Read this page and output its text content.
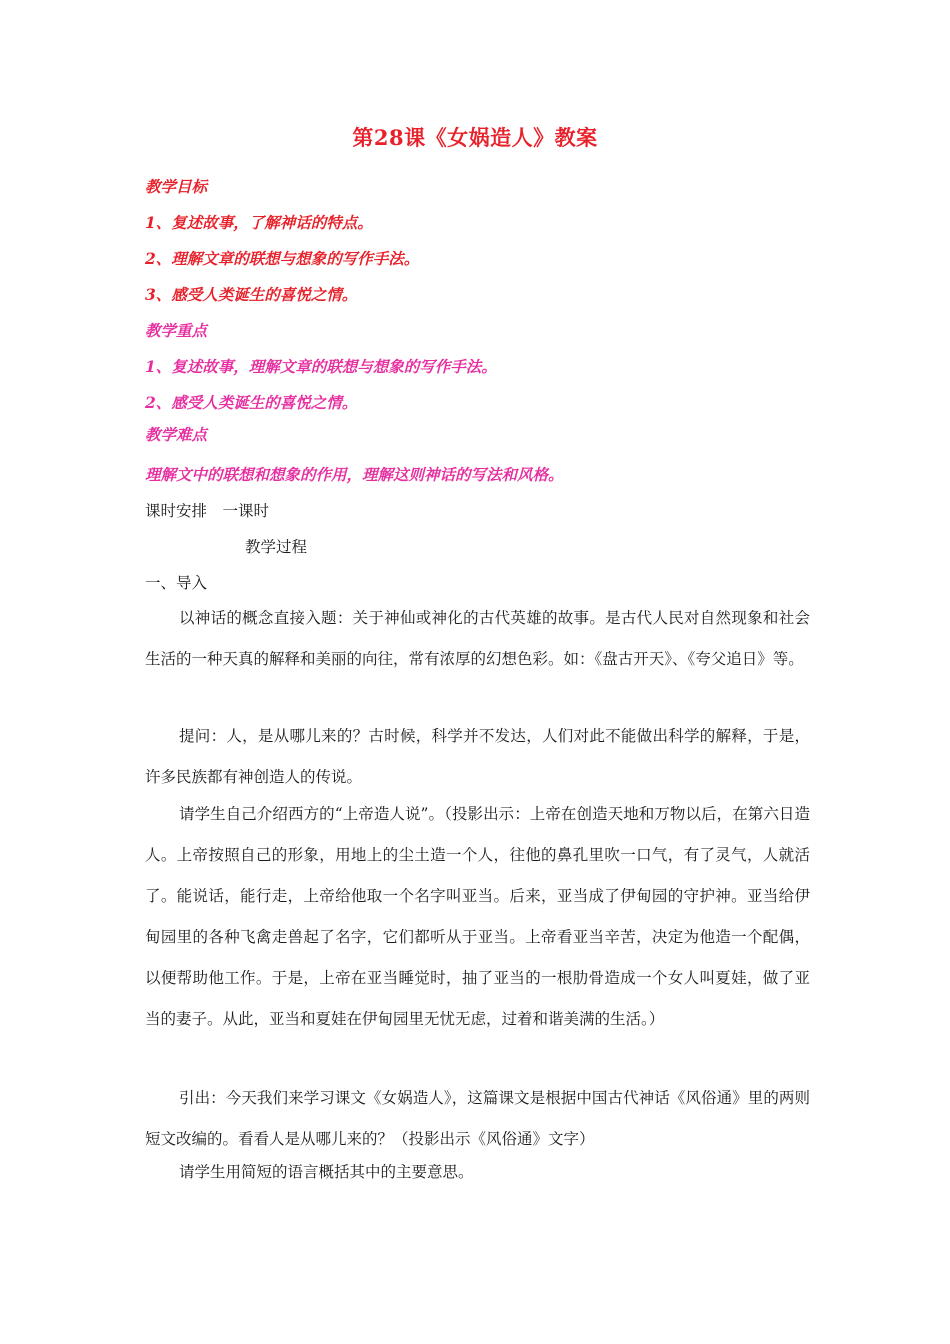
第28课《女娲造人》教案
教学目标
1、复述故事，了解神话的特点。
2、理解文章的联想与想象的写作手法。
3、感受人类诞生的喜悦之情。
教学重点
1、复述故事，理解文章的联想与想象的写作手法。
2、感受人类诞生的喜悦之情。
教学难点
理解文中的联想和想象的作用，理解这则神话的写法和风格。
课时安排　一课时
教学过程
一、导入

以神话的概念直接入题：关于神仙或神化的古代英雄的故事。是古代人民对自然现象和社会生活的一种天真的解释和美丽的向往，常有浓厚的幻想色彩。如：《盘古开天》、《夸父追日》等。

提问：人，是从哪儿来的？古时候，科学并不发达，人们对此不能做出科学的解释，于是，许多民族都有神创造人的传说。

请学生自己介绍西方的“上帝造人说”。（投影出示：上帝在创造天地和万物以后，在第六日造人。上帝按照自己的形象，用地上的尘土造一个人，往他的鼻孔里吹一口气，有了灵气，人就活了。能说话，能行走，上帝给他取一个名字叫亚当。后来，亚当成了伊甸园的守护神。亚当给伊甸园里的各种飞禽走兽起了名字，它们都听从于亚当。上帝看亚当辛苦，决定为他造一个配偶，以便帮助他工作。于是，上帝在亚当睡觉时，抽了亚当的一根肋骨造成一个女人叫夏娃，做了亚当的妻子。从此，亚当和夏娃在伊甸园里无忧无虑，过着和谐美满的生活。）

引出：今天我们来学习课文《女娲造人》，这篇课文是根据中国古代神话《风俗通》里的两则短文改编的。看看人是从哪儿来的？（投影出示《风俗通》文字）

请学生用简短的语言概括其中的主要意思。
